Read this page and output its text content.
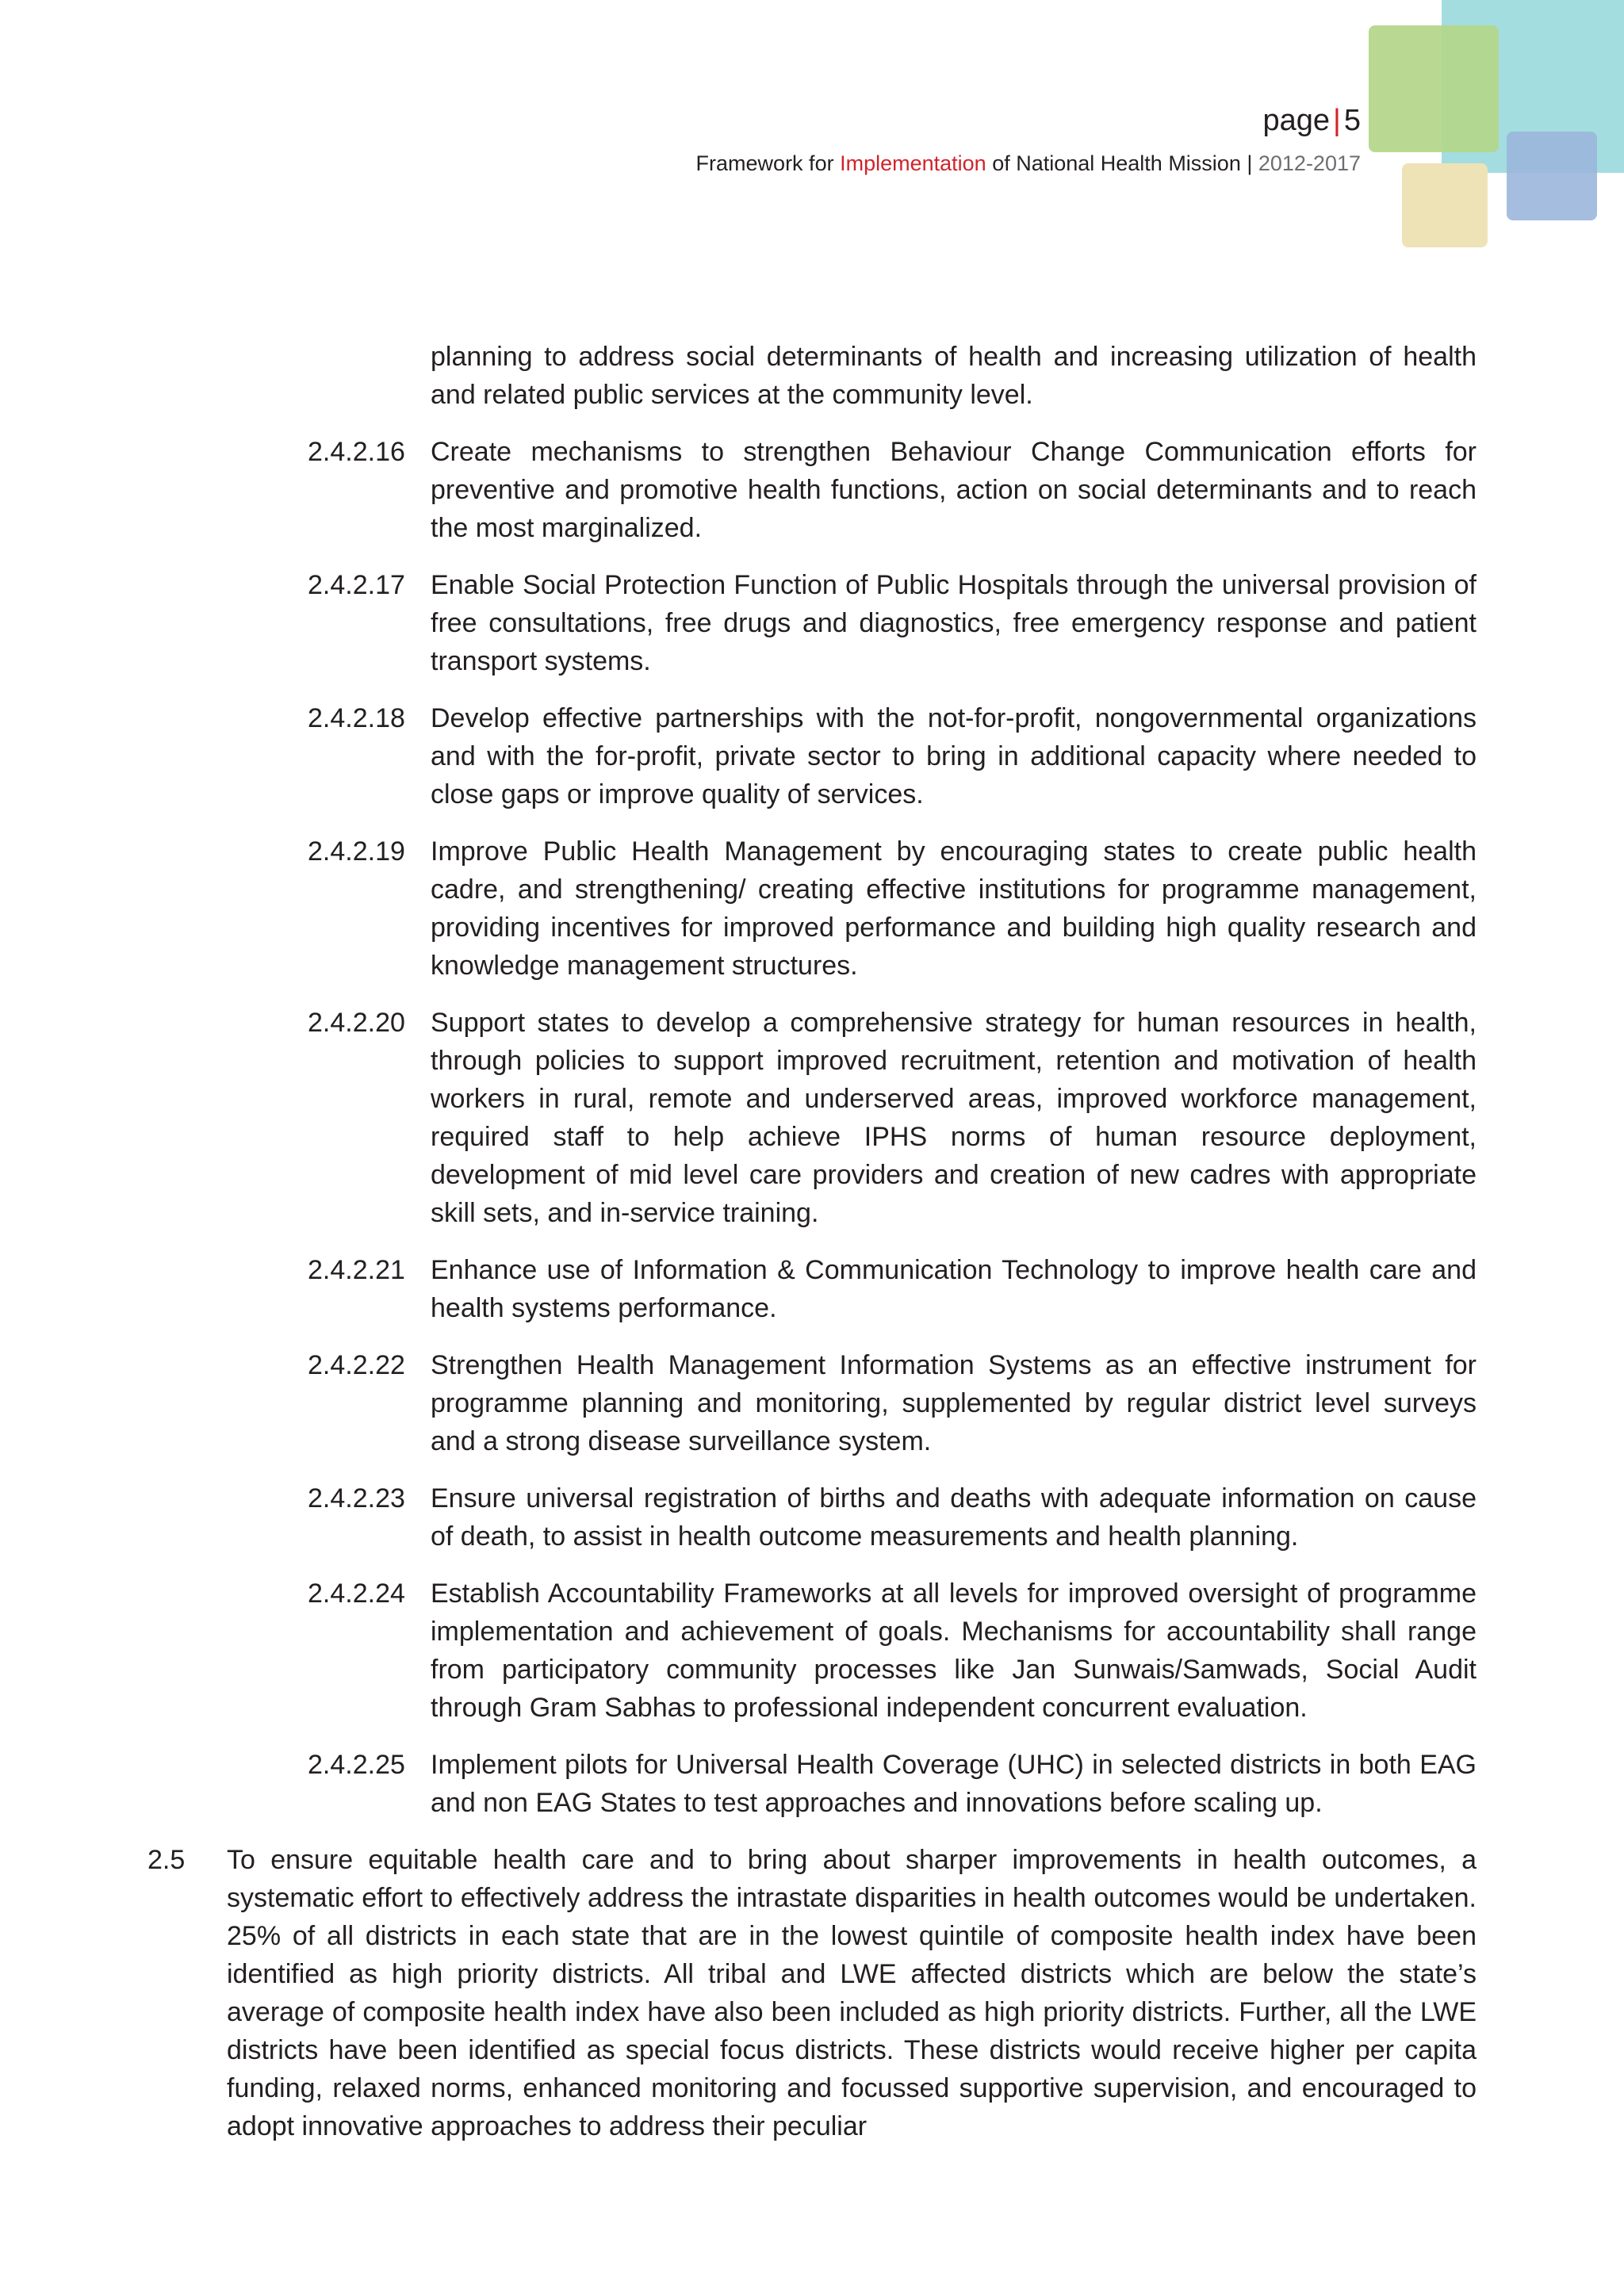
page | 5
Framework for Implementation of National Health Mission | 2012-2017
planning to address social determinants of health and increasing utilization of health and related public services at the community level.
2.4.2.16 Create mechanisms to strengthen Behaviour Change Communication efforts for preventive and promotive health functions, action on social determinants and to reach the most marginalized.
2.4.2.17 Enable Social Protection Function of Public Hospitals through the universal provision of free consultations, free drugs and diagnostics, free emergency response and patient transport systems.
2.4.2.18 Develop effective partnerships with the not-for-profit, nongovernmental organizations and with the for-profit, private sector to bring in additional capacity where needed to close gaps or improve quality of services.
2.4.2.19 Improve Public Health Management by encouraging states to create public health cadre, and strengthening/ creating effective institutions for programme management, providing incentives for improved performance and building high quality research and knowledge management structures.
2.4.2.20 Support states to develop a comprehensive strategy for human resources in health, through policies to support improved recruitment, retention and motivation of health workers in rural, remote and underserved areas, improved workforce management, required staff to help achieve IPHS norms of human resource deployment, development of mid level care providers and creation of new cadres with appropriate skill sets, and in-service training.
2.4.2.21 Enhance use of Information & Communication Technology to improve health care and health systems performance.
2.4.2.22 Strengthen Health Management Information Systems as an effective instrument for programme planning and monitoring, supplemented by regular district level surveys and a strong disease surveillance system.
2.4.2.23 Ensure universal registration of births and deaths with adequate information on cause of death, to assist in health outcome measurements and health planning.
2.4.2.24 Establish Accountability Frameworks at all levels for improved oversight of programme implementation and achievement of goals. Mechanisms for accountability shall range from participatory community processes like Jan Sunwais/Samwads, Social Audit through Gram Sabhas to professional independent concurrent evaluation.
2.4.2.25 Implement pilots for Universal Health Coverage (UHC) in selected districts in both EAG and non EAG States to test approaches and innovations before scaling up.
2.5 To ensure equitable health care and to bring about sharper improvements in health outcomes, a systematic effort to effectively address the intrastate disparities in health outcomes would be undertaken. 25% of all districts in each state that are in the lowest quintile of composite health index have been identified as high priority districts. All tribal and LWE affected districts which are below the state’s average of composite health index have also been included as high priority districts. Further, all the LWE districts have been identified as special focus districts. These districts would receive higher per capita funding, relaxed norms, enhanced monitoring and focussed supportive supervision, and encouraged to adopt innovative approaches to address their peculiar
